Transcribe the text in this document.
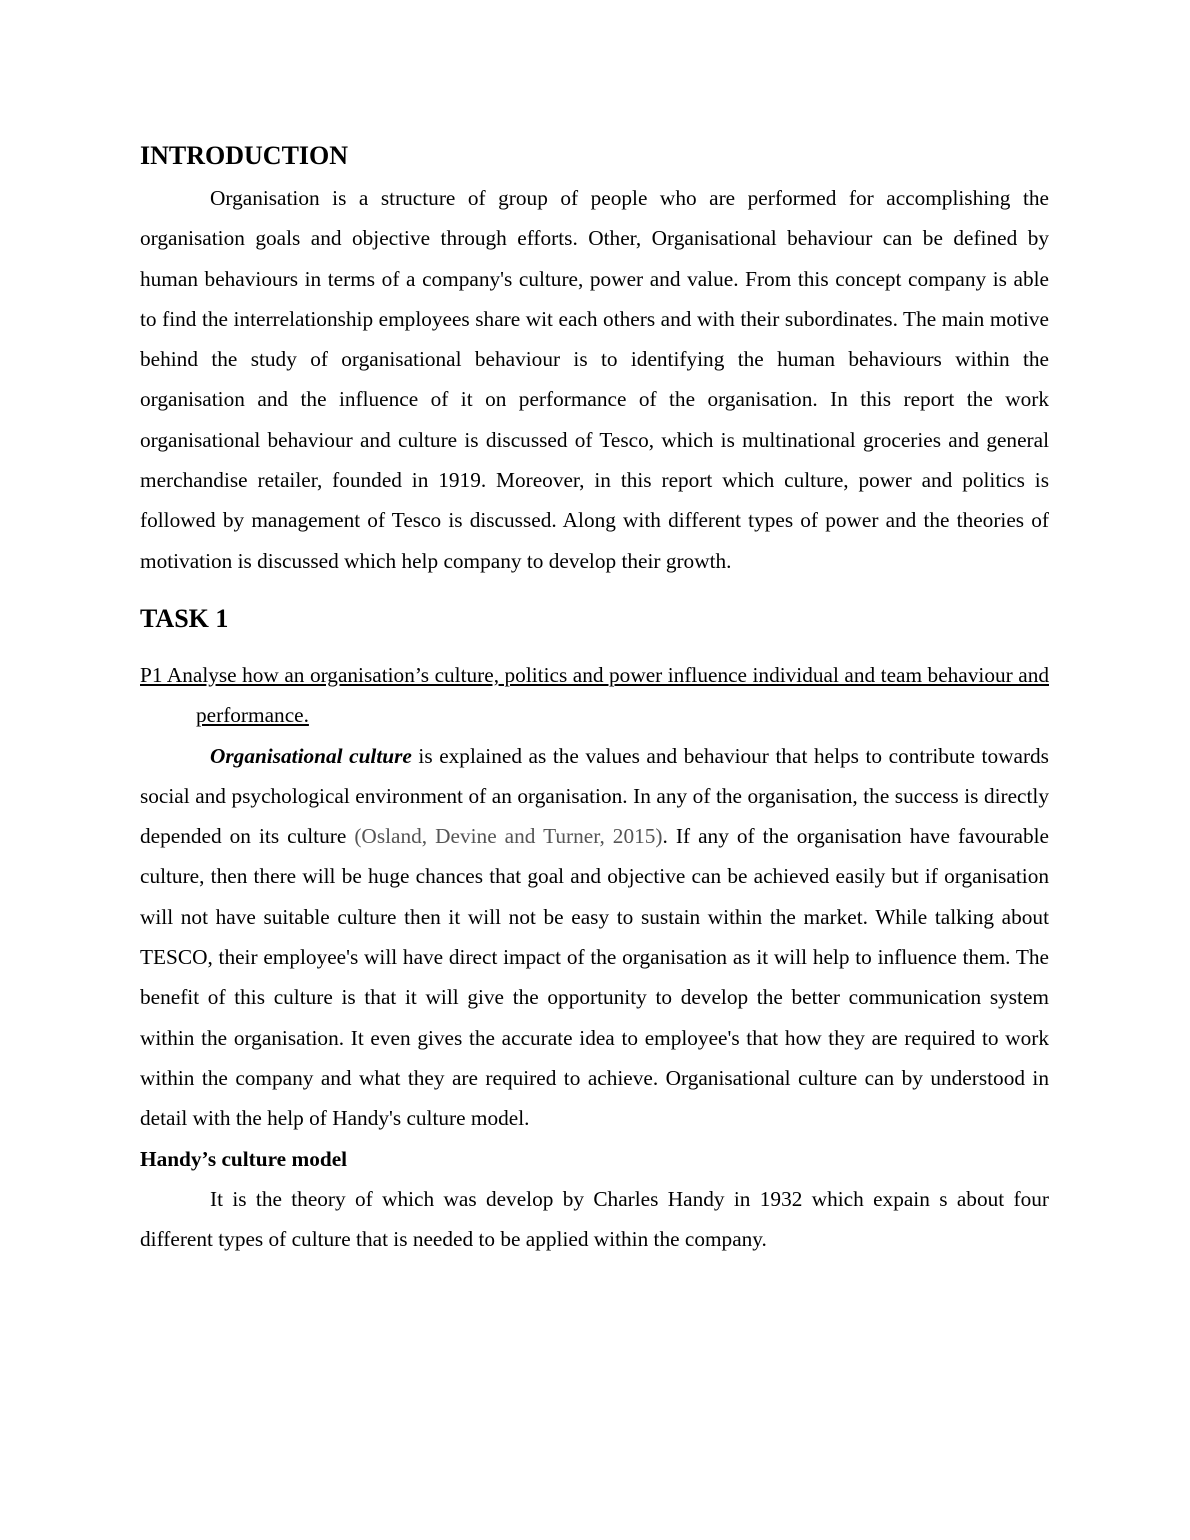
INTRODUCTION

Organisation is a structure of group of people who are performed for accomplishing the organisation goals and objective through efforts. Other, Organisational behaviour can be defined by human behaviours in terms of a company's culture, power and value. From this concept company is able to find the interrelationship employees share wit each others and with their subordinates. The main motive behind the study of organisational behaviour is to identifying the human behaviours within the organisation and the influence of it on performance of the organisation. In this report the work organisational behaviour and culture is discussed of Tesco, which is multinational groceries and general merchandise retailer, founded in 1919. Moreover, in this report which culture, power and politics is followed by management of Tesco is discussed. Along with different types of power and the theories of motivation is discussed which help company to develop their growth.

TASK 1

P1 Analyse how an organisation’s culture, politics and power influence individual and team behaviour and performance.

Organisational culture is explained as the values and behaviour that helps to contribute towards social and psychological environment of an organisation. In any of the organisation, the success is directly depended on its culture (Osland, Devine and Turner, 2015). If any of the organisation have favourable culture, then there will be huge chances that goal and objective can be achieved easily but if organisation will not have suitable culture then it will not be easy to sustain within the market. While talking about TESCO, their employee's will have direct impact of the organisation as it will help to influence them. The benefit of this culture is that it will give the opportunity to develop the better communication system within the organisation. It even gives the accurate idea to employee's that how they are required to work within the company and what they are required to achieve. Organisational culture can by understood in detail with the help of Handy's culture model.

Handy’s culture model

It is the theory of which was develop by Charles Handy in 1932 which expain s about four different types of culture that is needed to be applied within the company.
